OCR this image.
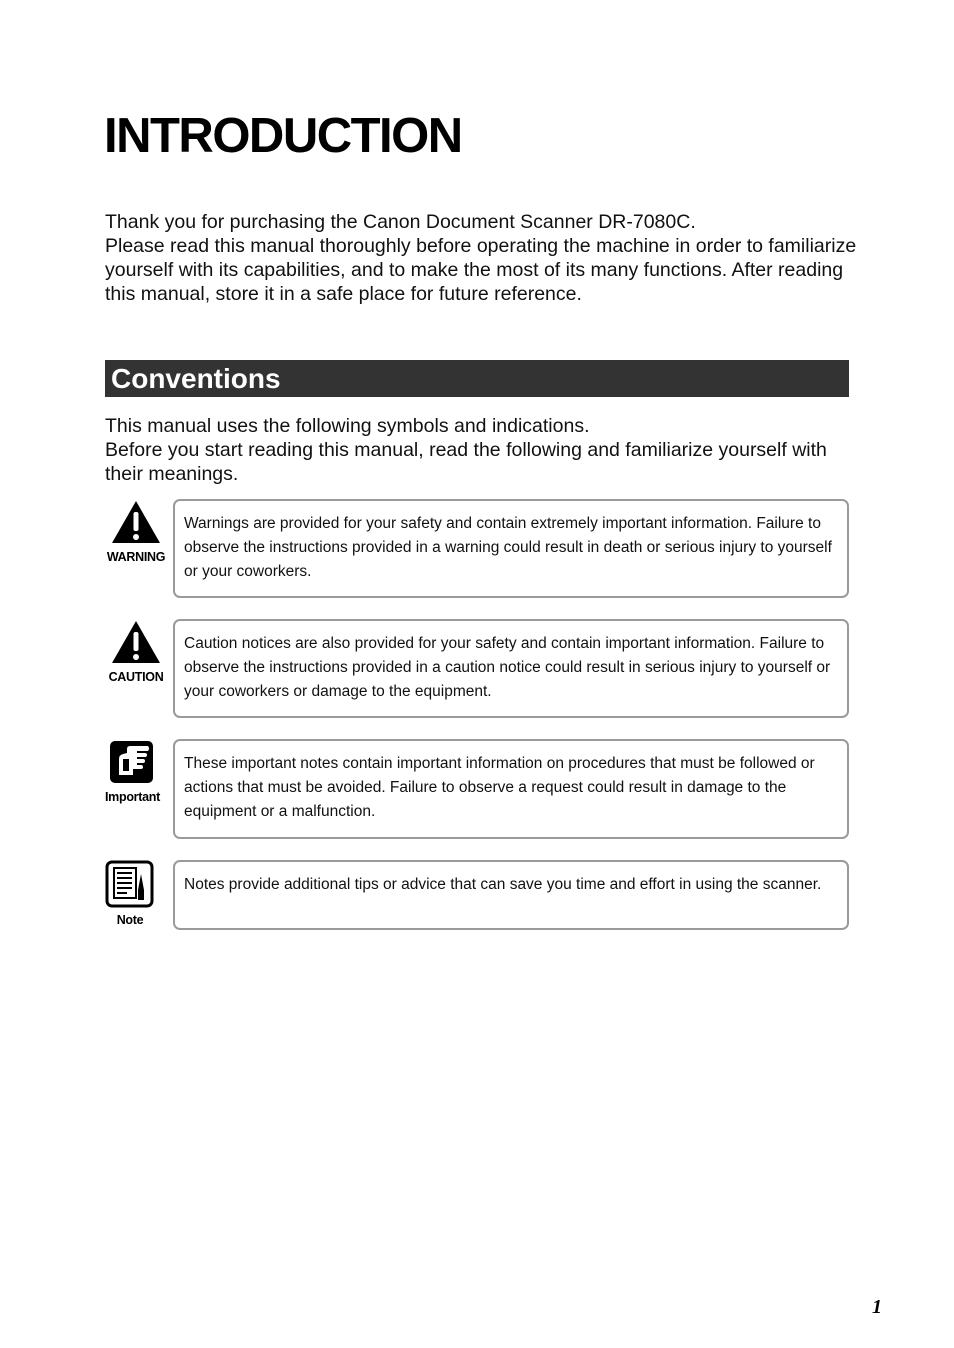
INTRODUCTION

Thank you for purchasing the Canon Document Scanner DR-7080C.

Please read this manual thoroughly before operating the machine in order to familiarize yourself with its capabilities, and to make the most of its many functions. After reading this manual, store it in a safe place for future reference.

Conventions

This manual uses the following symbols and indications.

Before you start reading this manual, read the following and familiarize yourself with their meanings.

WARNING
Warnings are provided for your safety and contain extremely important information. Failure to observe the instructions provided in a warning could result in death or serious injury to yourself or your coworkers.
CAUTION
Caution notices are also provided for your safety and contain important information. Failure to observe the instructions provided in a caution notice could result in serious injury to yourself or your coworkers or damage to the equipment.
Important
These important notes contain important information on procedures that must be followed or actions that must be avoided. Failure to observe a request could result in damage to the equipment or a malfunction.
Note
Notes provide additional tips or advice that can save you time and effort in using the scanner.
1
